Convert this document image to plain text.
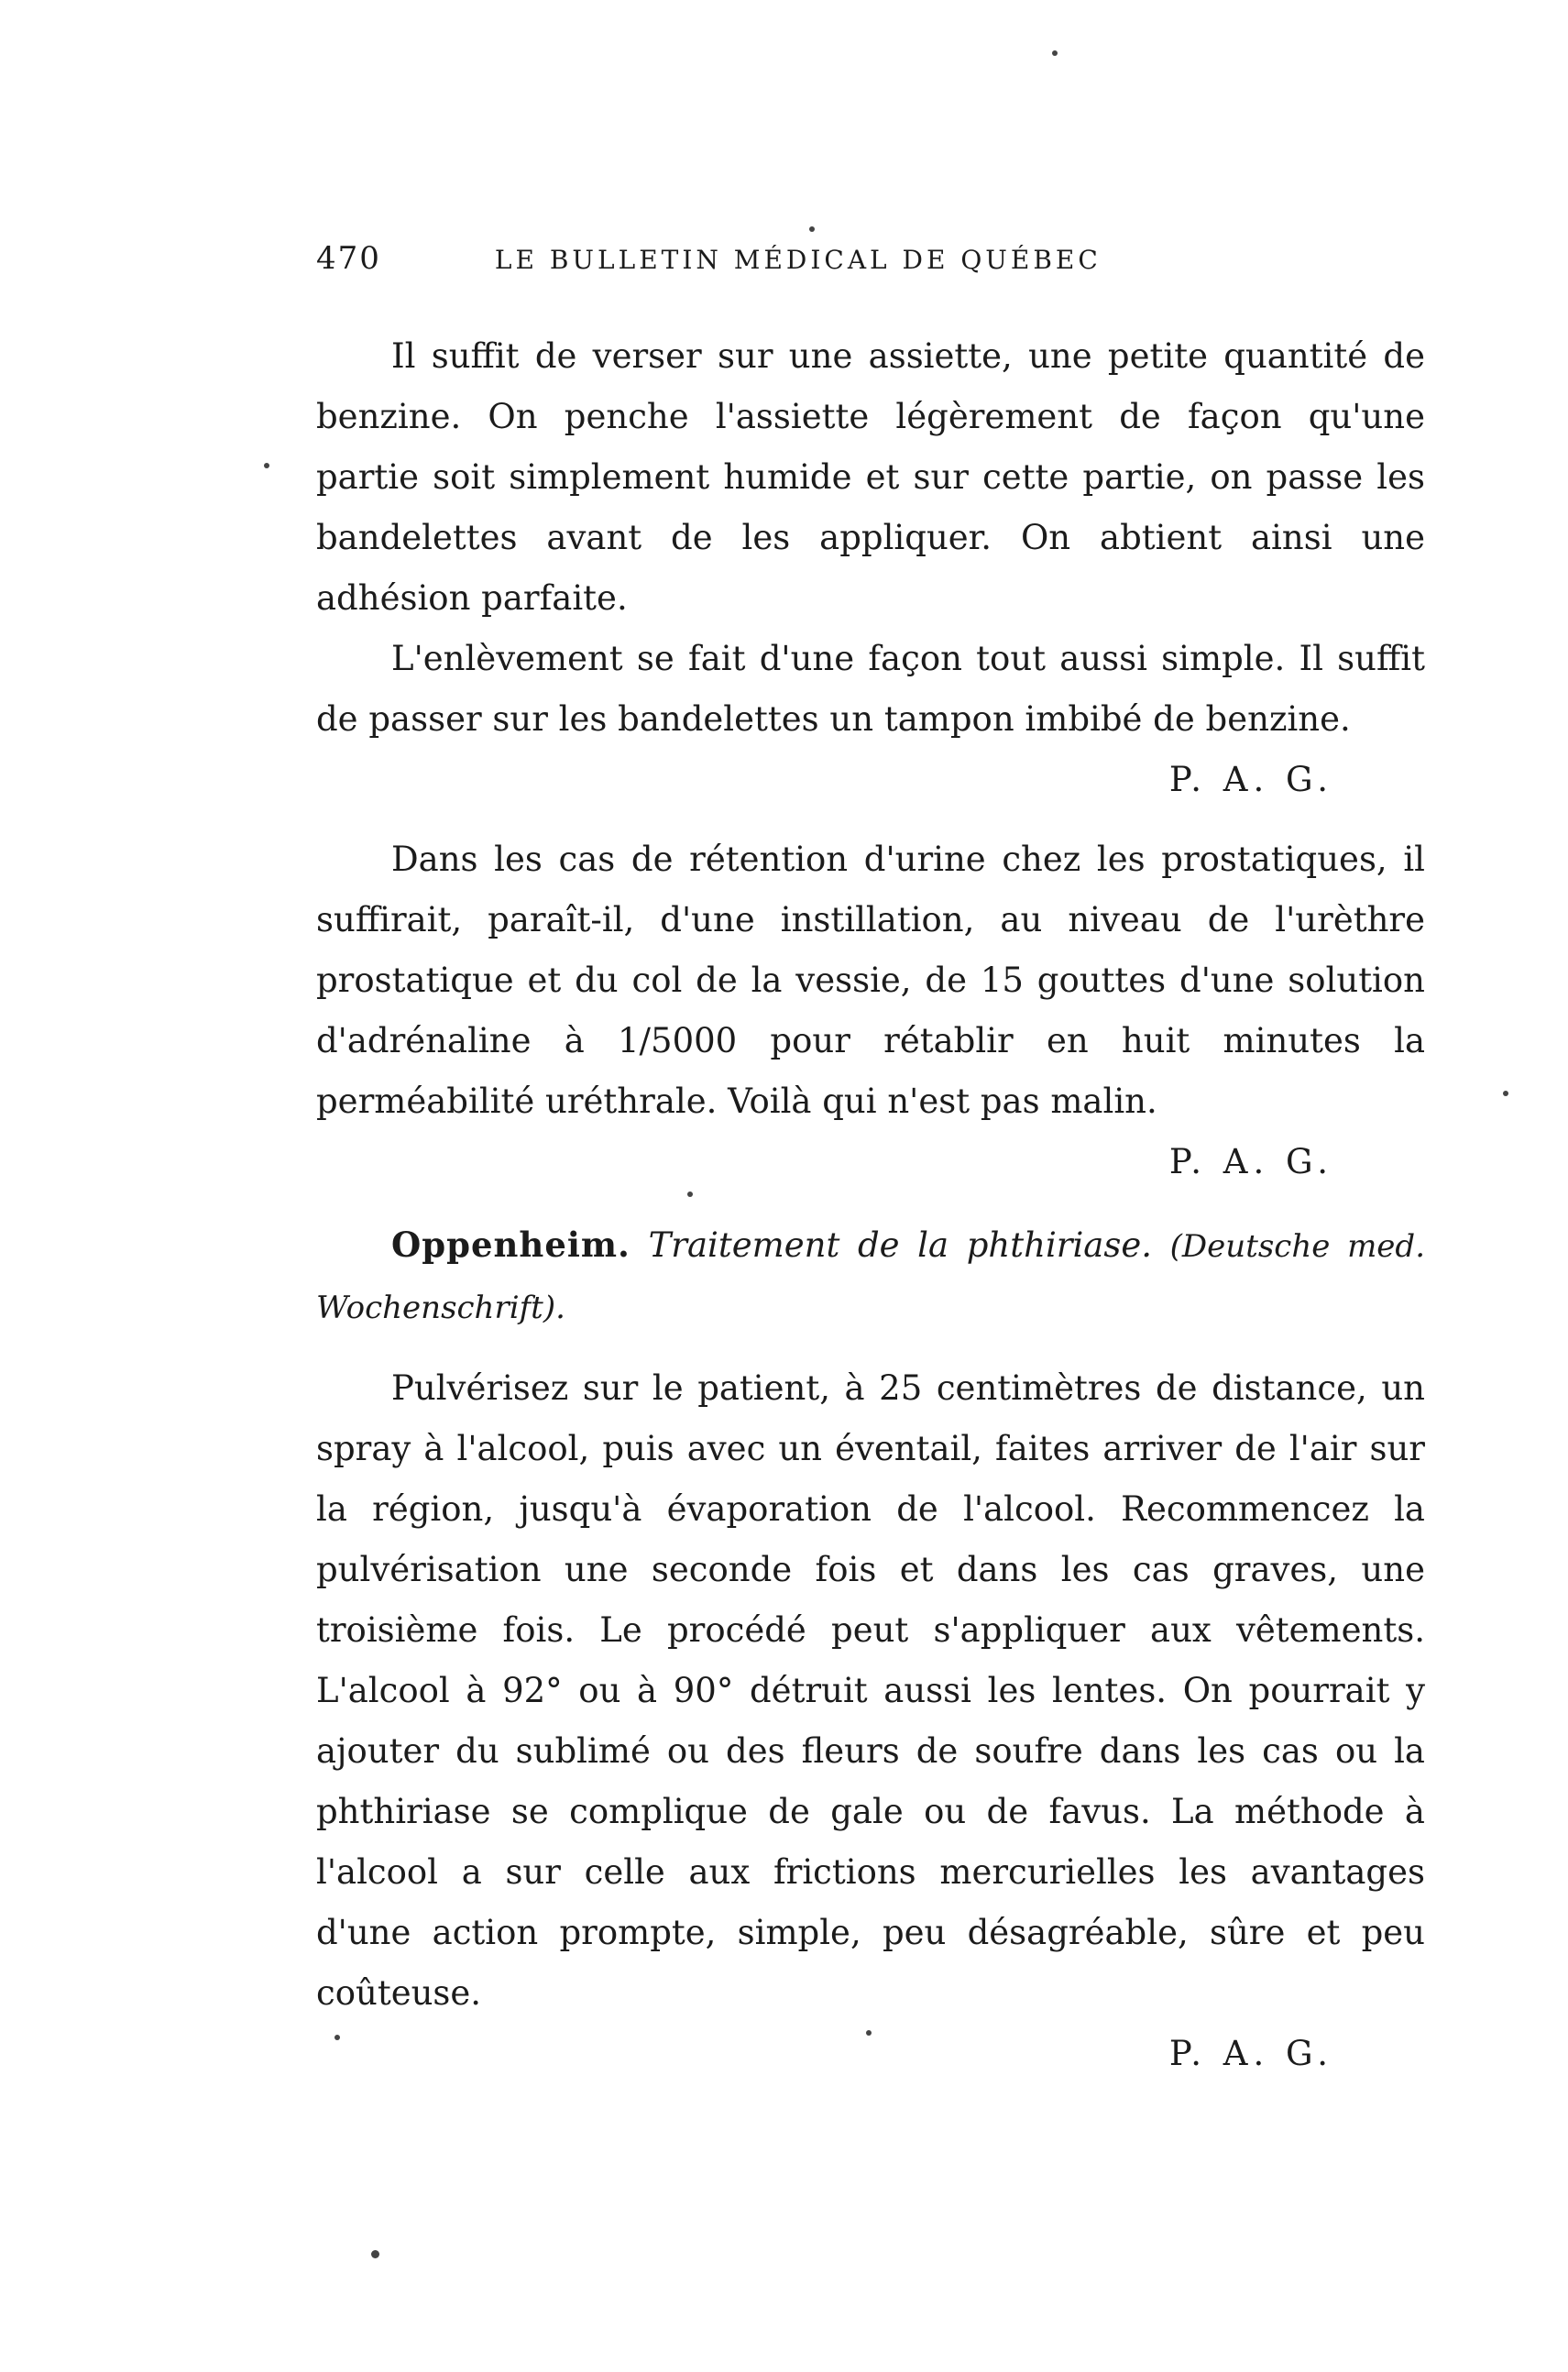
470	LE BULLETIN MÉDICAL DE QUÉBEC

Il suffit de verser sur une assiette, une petite quantité de benzine. On penche l'assiette légèrement de façon qu'une partie soit simplement humide et sur cette partie, on passe les bandelettes avant de les appliquer. On abtient ainsi une adhésion parfaite.

L'enlèvement se fait d'une façon tout aussi simple. Il suffit de passer sur les bandelettes un tampon imbibé de benzine.

P. A. G.

Dans les cas de rétention d'urine chez les prostatiques, il suffirait, paraît-il, d'une instillation, au niveau de l'urèthre prostatique et du col de la vessie, de 15 gouttes d'une solution d'adrénaline à 1/5000 pour rétablir en huit minutes la perméabilité uréthrale. Voilà qui n'est pas malin.

P. A. G.
Oppenheim. Traitement de la phthiriase. (Deutsche med. Wochenschrift).

Pulvérisez sur le patient, à 25 centimètres de distance, un spray à l'alcool, puis avec un éventail, faites arriver de l'air sur la région, jusqu'à évaporation de l'alcool. Recommencez la pulvérisation une seconde fois et dans les cas graves, une troisième fois. Le procédé peut s'appliquer aux vêtements. L'alcool à 92° ou à 90° détruit aussi les lentes. On pourrait y ajouter du sublimé ou des fleurs de soufre dans les cas ou la phthiriase se complique de gale ou de favus. La méthode à l'alcool a sur celle aux frictions mercurielles les avantages d'une action prompte, simple, peu désagréable, sûre et peu coûteuse.

P. A. G.
